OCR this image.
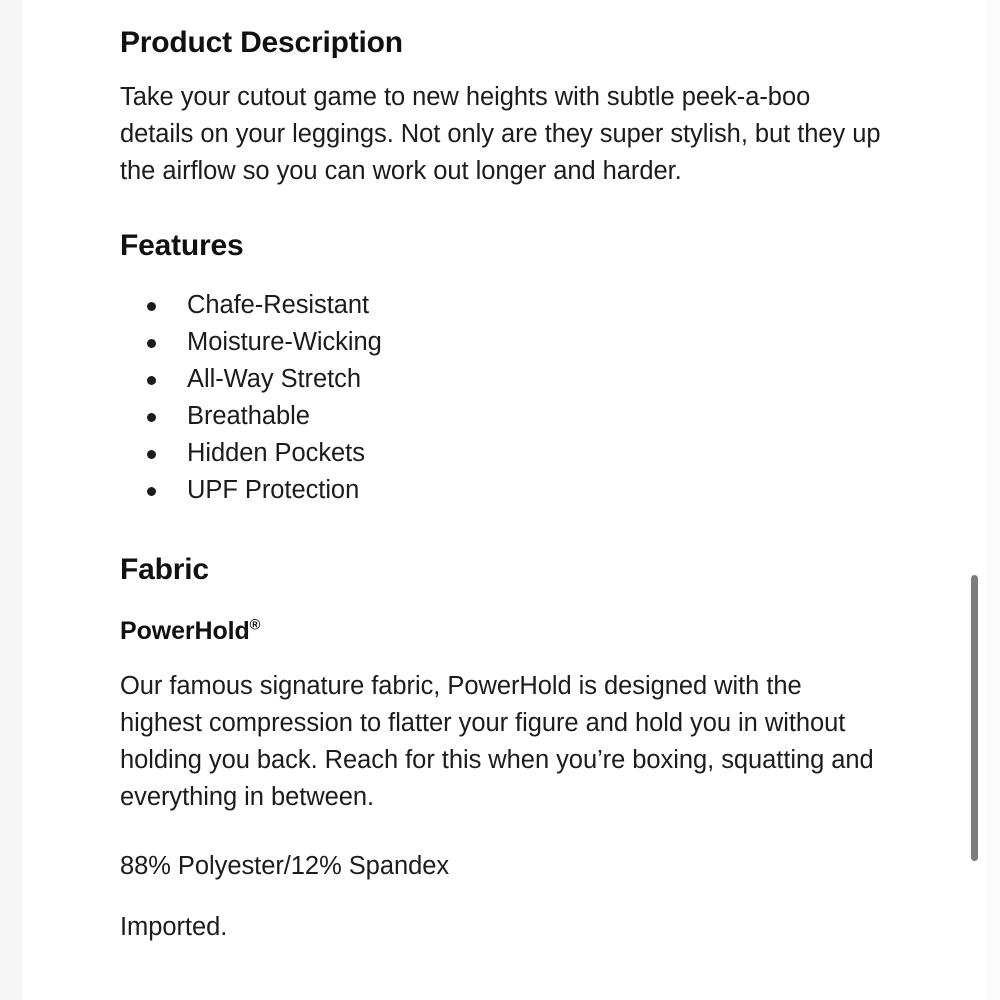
Product Description

Take your cutout game to new heights with subtle peek-a-boo details on your leggings. Not only are they super stylish, but they up the airflow so you can work out longer and harder.

Features
Chafe-Resistant
Moisture-Wicking
All-Way Stretch
Breathable
Hidden Pockets
UPF Protection
Fabric
PowerHold®

Our famous signature fabric, PowerHold is designed with the highest compression to flatter your figure and hold you in without holding you back. Reach for this when you’re boxing, squatting and everything in between.

88% Polyester/12% Spandex

Imported.
